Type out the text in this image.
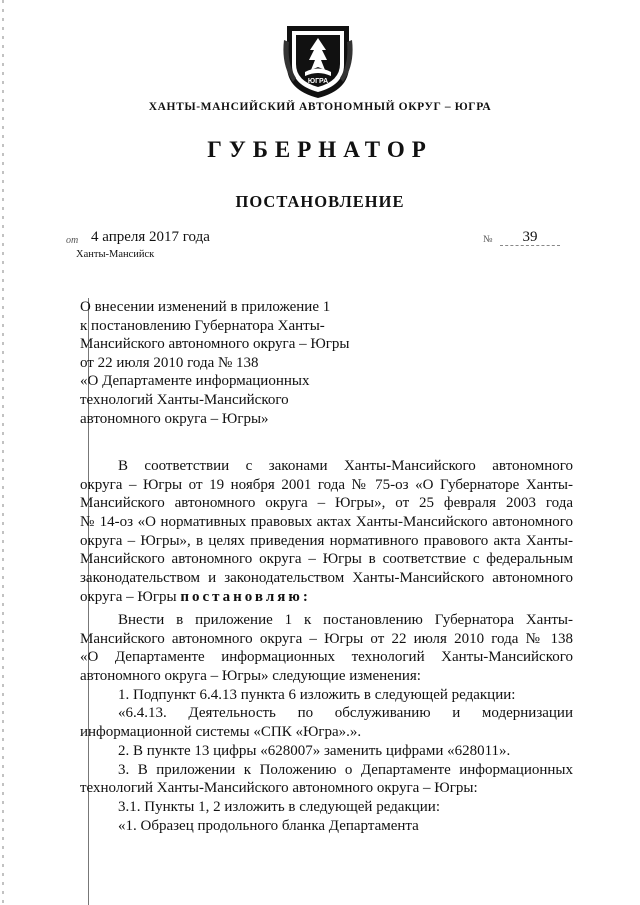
ЮГРА
ХАНТЫ-МАНСИЙСКИЙ АВТОНОМНЫЙ ОКРУГ – ЮГРА
ГУБЕРНАТОР
ПОСТАНОВЛЕНИЕ
от 4 апреля 2017 года	№	39
Ханты-Мансийск
О внесении изменений в приложение 1
к постановлению Губернатора Ханты-
Мансийского автономного округа – Югры
от 22 июля 2010 года № 138
«О Департаменте информационных
технологий Ханты-Мансийского
автономного округа – Югры»
В соответствии с законами Ханты-Мансийского автономного
округа – Югры от 19 ноября 2001 года № 75-оз «О Губернаторе Ханты-
Мансийского автономного округа – Югры», от 25 февраля 2003 года
№ 14-оз «О нормативных правовых актах Ханты-Мансийского автономного
округа – Югры», в целях приведения нормативного правового акта Ханты-
Мансийского автономного округа – Югры в соответствие с федеральным
законодательством и законодательством Ханты-Мансийского автономного
округа – Югры постановляю:
Внести в приложение 1 к постановлению Губернатора Ханты-
Мансийского автономного округа – Югры от 22 июля 2010 года № 138
«О Департаменте информационных технологий Ханты-Мансийского
автономного округа – Югры» следующие изменения:
1. Подпункт 6.4.13 пункта 6 изложить в следующей редакции:
«6.4.13. Деятельность по обслуживанию и модернизации
информационной системы «СПК «Югра».».
2. В пункте 13 цифры «628007» заменить цифрами «628011».
3. В приложении к Положению о Департаменте информационных
технологий Ханты-Мансийского автономного округа – Югры:
3.1. Пункты 1, 2 изложить в следующей редакции:
«1. Образец продольного бланка Департамента
